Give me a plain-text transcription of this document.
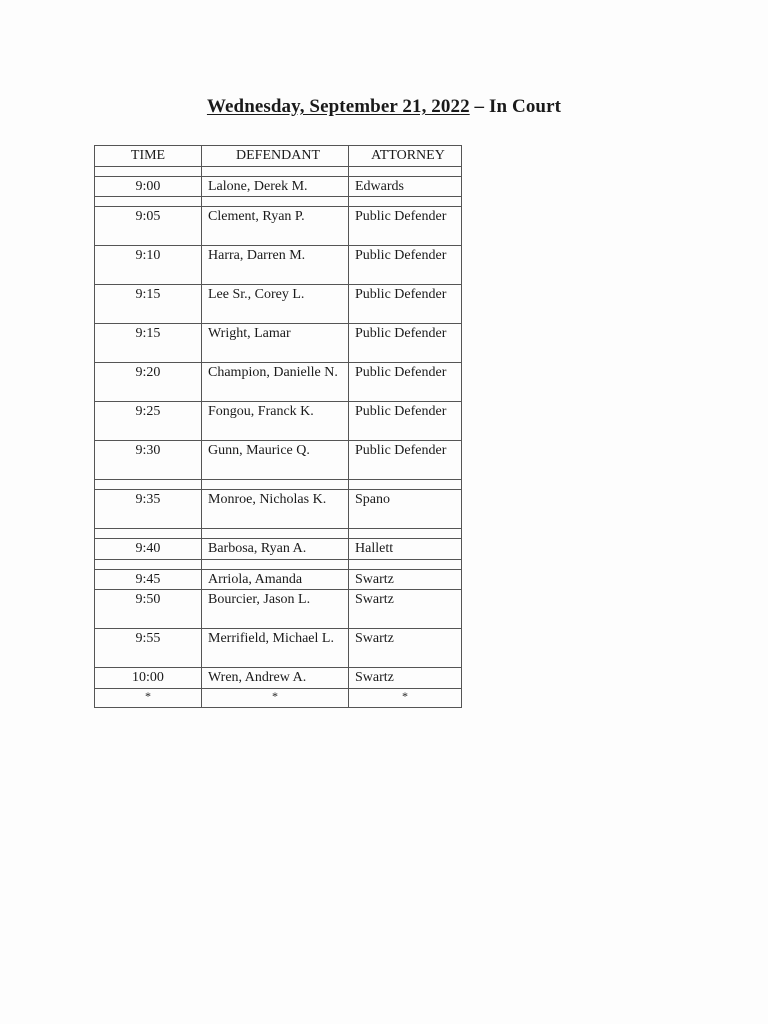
Wednesday, September 21, 2022 – In Court
TIME	DEFENDANT	ATTORNEY

9:00	Lalone, Derek M.	Edwards

9:05	Clement, Ryan P.	Public Defender
9:10	Harra, Darren M.	Public Defender
9:15	Lee Sr., Corey L.	Public Defender
9:15	Wright, Lamar	Public Defender
9:20	Champion, Danielle N.	Public Defender
9:25	Fongou, Franck K.	Public Defender
9:30	Gunn, Maurice Q.	Public Defender

9:35	Monroe, Nicholas K.	Spano

9:40	Barbosa, Ryan A.	Hallett

9:45	Arriola, Amanda	Swartz
9:50	Bourcier, Jason L.	Swartz
9:55	Merrifield, Michael L.	Swartz
10:00	Wren, Andrew A.	Swartz
*	*	*
